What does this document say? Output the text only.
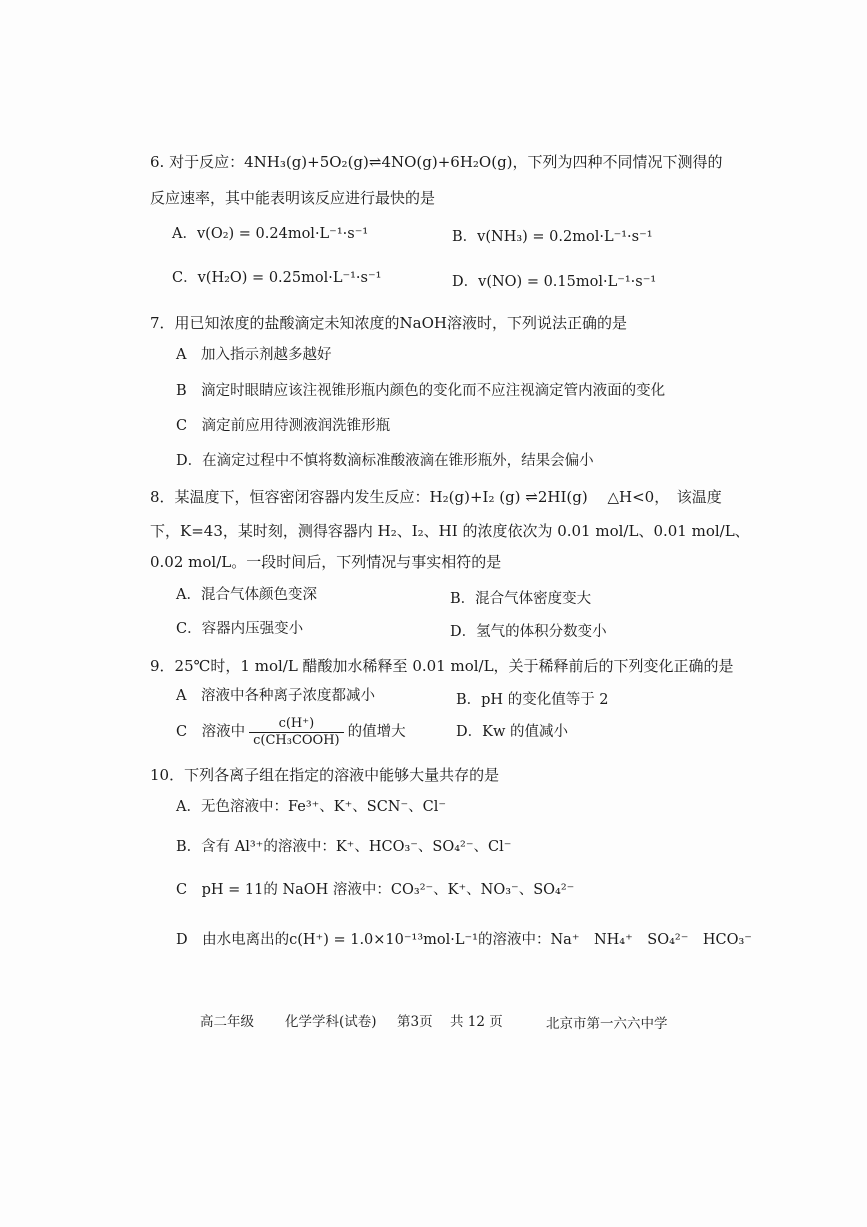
6. 对于反应：4NH₃(g)+5O₂(g)⇌4NO(g)+6H₂O(g)，下列为四种不同情况下测得的
反应速率，其中能表明该反应进行最快的是
A．v(O₂) = 0.24mol·L⁻¹·s⁻¹	B．v(NH₃) = 0.2mol·L⁻¹·s⁻¹
C．v(H₂O) = 0.25mol·L⁻¹·s⁻¹	D．v(NO) = 0.15mol·L⁻¹·s⁻¹
7．用已知浓度的盐酸滴定未知浓度的NaOH溶液时，下列说法正确的是
A　加入指示剂越多越好
B　滴定时眼睛应该注视锥形瓶内颜色的变化而不应注视滴定管内液面的变化
C　滴定前应用待测液润洗锥形瓶
D．在滴定过程中不慎将数滴标准酸液滴在锥形瓶外，结果会偏小
8．某温度下，恒容密闭容器内发生反应：H₂(g)+I₂ (g) ⇌2HI(g)　 △H<0，　该温度
下，K=43，某时刻，测得容器内 H₂、I₂、HI 的浓度依次为 0.01 mol/L、0.01 mol/L、
0.02 mol/L。一段时间后，下列情况与事实相符的是
A．混合气体颜色变深	B．混合气体密度变大
C．容器内压强变小	D．氢气的体积分数变小
9．25℃时，1 mol/L 醋酸加水稀释至 0.01 mol/L，关于稀释前后的下列变化正确的是
A　溶液中各种离子浓度都减小	B．pH 的变化值等于 2
C　溶液中 $\frac{c(H^+)}{\text{c(CH₃COOH)}}$ 的值增大	D．Kw 的值减小
10．下列各离子组在指定的溶液中能够大量共存的是
A．无色溶液中：Fe³⁺、K⁺、SCN⁻、Cl⁻
B．含有 Al³⁺的溶液中：K⁺、HCO₃⁻、SO₄²⁻、Cl⁻
C　pH = 11的 NaOH 溶液中：CO₃²⁻、K⁺、NO₃⁻、SO₄²⁻
D　由水电离出的c(H⁺) = 1.0×10⁻¹³mol·L⁻¹的溶液中：Na⁺　NH₄⁺　SO₄²⁻　HCO₃⁻
高二年级 化学学科(试卷) 第3页 共 12 页	北京市第一六六中学
